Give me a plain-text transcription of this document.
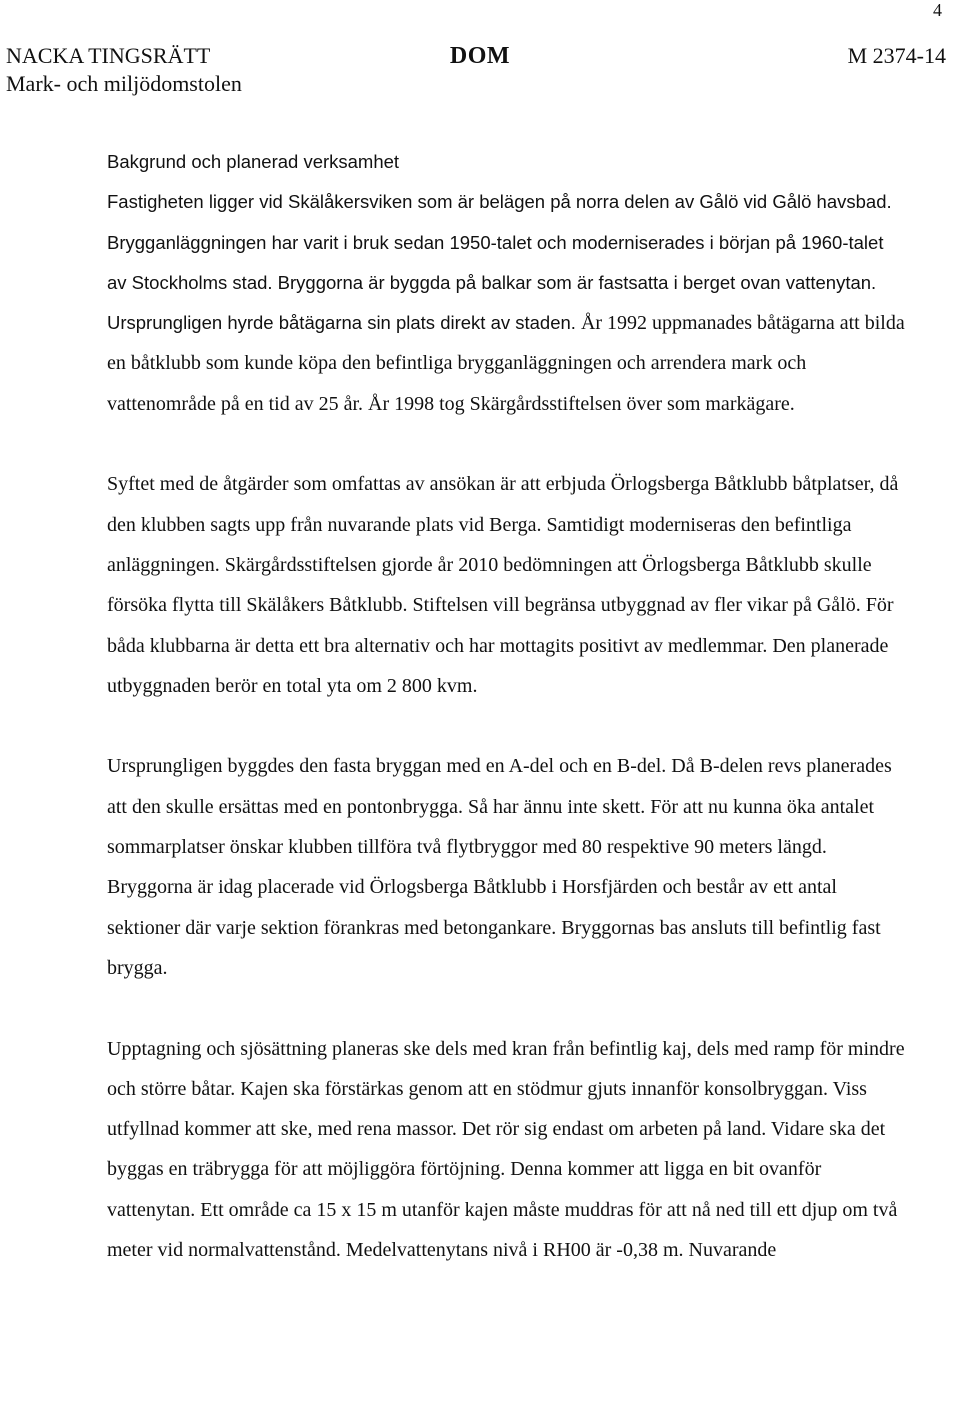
4
NACKA TINGSRÄTT
Mark- och miljödomstolen
DOM	M 2374-14

Bakgrund och planerad verksamhet
Fastigheten ligger vid Skälåkersviken som är belägen på norra delen av Gålö vid Gålö havsbad. Brygganläggningen har varit i bruk sedan 1950-talet och moderniserades i början på 1960-talet av Stockholms stad. Bryggorna är byggda på balkar som är fastsatta i berget ovan vattenytan. Ursprungligen hyrde båtägarna sin plats direkt av staden. År 1992 uppmanades båtägarna att bilda en båtklubb som kunde köpa den befintliga brygganläggningen och arrendera mark och vattenområde på en tid av 25 år. År 1998 tog Skärgårdsstiftelsen över som markägare.

Syftet med de åtgärder som omfattas av ansökan är att erbjuda Örlogsberga Båtklubb båtplatser, då den klubben sagts upp från nuvarande plats vid Berga. Samtidigt moderniseras den befintliga anläggningen. Skärgårdsstiftelsen gjorde år 2010 bedömningen att Örlogsberga Båtklubb skulle försöka flytta till Skälåkers Båtklubb. Stiftelsen vill begränsa utbyggnad av fler vikar på Gålö. För båda klubbarna är detta ett bra alternativ och har mottagits positivt av medlemmar. Den planerade utbyggnaden berör en total yta om 2 800 kvm.

Ursprungligen byggdes den fasta bryggan med en A-del och en B-del. Då B-delen revs planerades att den skulle ersättas med en pontonbrygga. Så har ännu inte skett. För att nu kunna öka antalet sommarplatser önskar klubben tillföra två flytbryggor med 80 respektive 90 meters längd. Bryggorna är idag placerade vid Örlogsberga Båtklubb i Horsfjärden och består av ett antal sektioner där varje sektion förankras med betongankare. Bryggornas bas ansluts till befintlig fast brygga.

Upptagning och sjösättning planeras ske dels med kran från befintlig kaj, dels med ramp för mindre och större båtar. Kajen ska förstärkas genom att en stödmur gjuts innanför konsolbryggan. Viss utfyllnad kommer att ske, med rena massor. Det rör sig endast om arbeten på land. Vidare ska det byggas en träbrygga för att möjliggöra förtöjning. Denna kommer att ligga en bit ovanför vattenytan. Ett område ca 15 x 15 m utanför kajen måste muddras för att nå ned till ett djup om två meter vid normalvattenstånd. Medelvattenytans nivå i RH00 är -0,38 m. Nuvarande
